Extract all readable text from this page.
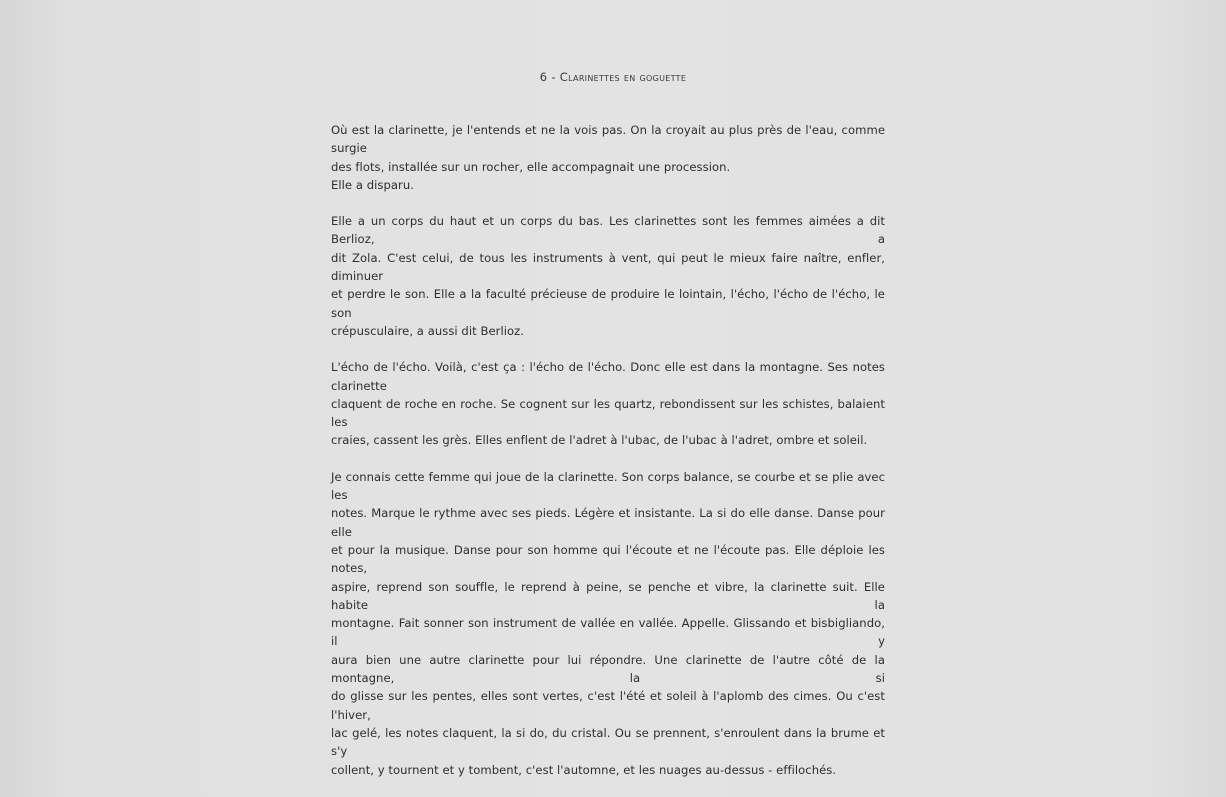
6 - Clarinettes en goguette

Où est la clarinette, je l'entends et ne la vois pas. On la croyait au plus près de l'eau, comme surgie
des flots, installée sur un rocher, elle accompagnait une procession.
Elle a disparu.

Elle a un corps du haut et un corps du bas. Les clarinettes sont les femmes aimées a dit Berlioz, a
dit Zola. C'est celui, de tous les instruments à vent, qui peut le mieux faire naître, enfler, diminuer
et perdre le son. Elle a la faculté précieuse de produire le lointain, l'écho, l'écho de l'écho, le son
crépusculaire, a aussi dit Berlioz.

L'écho de l'écho. Voilà, c'est ça : l'écho de l'écho. Donc elle est dans la montagne. Ses notes clarinette
claquent de roche en roche. Se cognent sur les quartz, rebondissent sur les schistes, balaient les
craies, cassent les grès. Elles enflent de l'adret à l'ubac, de l'ubac à l'adret, ombre et soleil.

Je connais cette femme qui joue de la clarinette. Son corps balance, se courbe et se plie avec les
notes. Marque le rythme avec ses pieds. Légère et insistante. La si do elle danse. Danse pour elle
et pour la musique. Danse pour son homme qui l'écoute et ne l'écoute pas. Elle déploie les notes,
aspire, reprend son souffle, le reprend à peine, se penche et vibre, la clarinette suit. Elle habite la
montagne. Fait sonner son instrument de vallée en vallée. Appelle. Glissando et bisbigliando, il y
aura bien une autre clarinette pour lui répondre. Une clarinette de l'autre côté de la montagne, la si
do glisse sur les pentes, elles sont vertes, c'est l'été et soleil à l'aplomb des cimes. Ou c'est l'hiver,
lac gelé, les notes claquent, la si do, du cristal. Ou se prennent, s'enroulent dans la brume et s'y
collent, y tournent et y tombent, c'est l'automne, et les nuages au-dessus - effilochés.
